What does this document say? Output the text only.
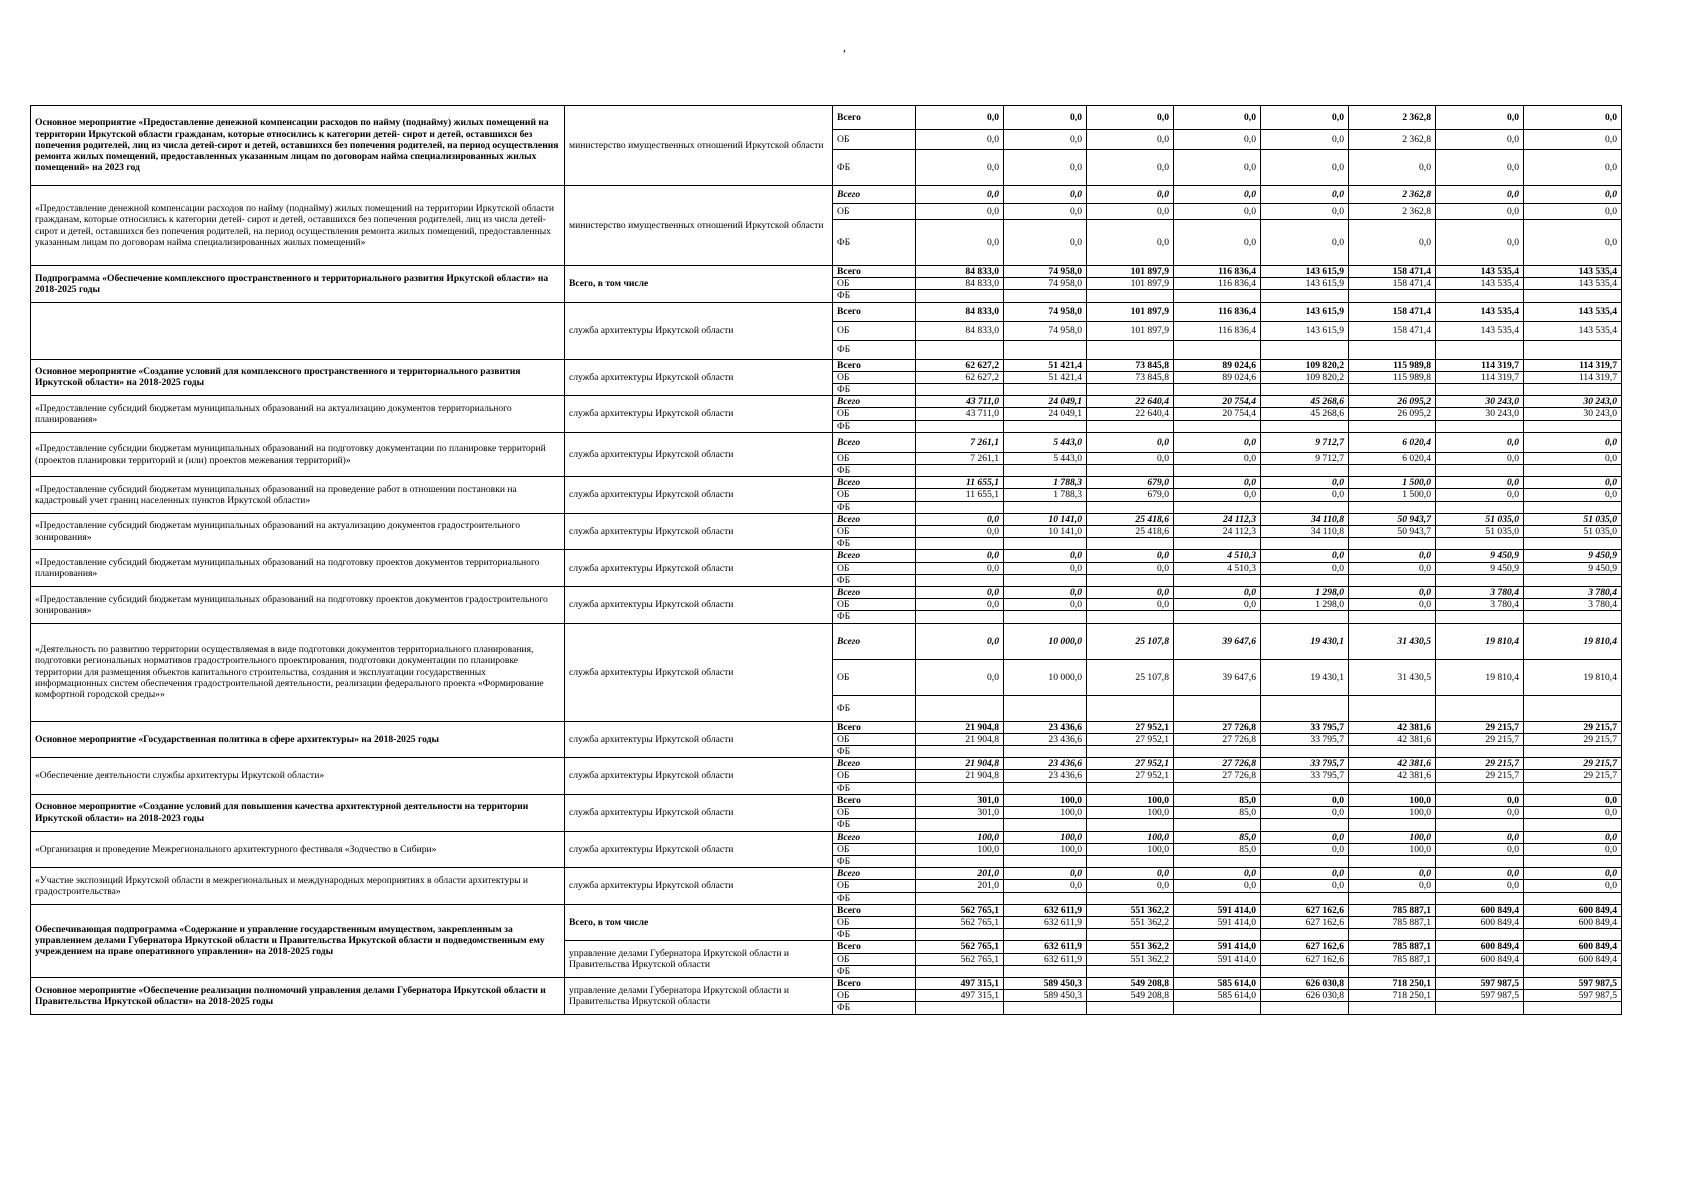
,
Основное мероприятие «Предоставление денежной компенсации расходов по найму (поднайму) жилых помещений на территории Иркутской области гражданам, которые относились к категории детей- сирот и детей, оставшихся без попечения родителей, лиц из числа детей-сирот и детей, оставшихся без попечения родителей, на период осуществления ремонта жилых помещений, предоставленных указанным лицам по договорам найма специализированных жилых помещений» на 2023 год	министерство имущественных отношений Иркутской области	Всего	0,0	0,0	0,0	0,0	0,0	2 362,8	0,0	0,0
		ОБ	0,0	0,0	0,0	0,0	0,0	2 362,8	0,0	0,0
		ФБ	0,0	0,0	0,0	0,0	0,0	0,0	0,0	0,0
«Предоставление денежной компенсации расходов по найму (поднайму) жилых помещений на территории Иркутской области гражданам, которые относились к категории детей- сирот и детей, оставшихся без попечения родителей, лиц из числа детей-сирот и детей, оставшихся без попечения родителей, на период осуществления ремонта жилых помещений, предоставленных указанным лицам по договорам найма специализированных жилых помещений»	министерство имущественных отношений Иркутской области	Всего	0,0	0,0	0,0	0,0	0,0	2 362,8	0,0	0,0
		ОБ	0,0	0,0	0,0	0,0	0,0	2 362,8	0,0	0,0
		ФБ	0,0	0,0	0,0	0,0	0,0	0,0	0,0	0,0
Подпрограмма «Обеспечение комплексного пространственного и территориального развития Иркутской области» на 2018-2025 годы	Всего, в том числе	Всего	84 833,0	74 958,0	101 897,9	116 836,4	143 615,9	158 471,4	143 535,4	143 535,4
		ОБ	84 833,0	74 958,0	101 897,9	116 836,4	143 615,9	158 471,4	143 535,4	143 535,4
		ФБ								
	служба архитектуры Иркутской области	Всего	84 833,0	74 958,0	101 897,9	116 836,4	143 615,9	158 471,4	143 535,4	143 535,4
		ОБ	84 833,0	74 958,0	101 897,9	116 836,4	143 615,9	158 471,4	143 535,4	143 535,4
		ФБ								
Основное мероприятие «Создание условий для комплексного пространственного и территориального развития Иркутской области» на 2018-2025 годы	служба архитектуры Иркутской области	Всего	62 627,2	51 421,4	73 845,8	89 024,6	109 820,2	115 989,8	114 319,7	114 319,7
		ОБ	62 627,2	51 421,4	73 845,8	89 024,6	109 820,2	115 989,8	114 319,7	114 319,7
		ФБ								
«Предоставление субсидий бюджетам муниципальных образований на актуализацию документов территориального планирования»	служба архитектуры Иркутской области	Всего	43 711,0	24 049,1	22 640,4	20 754,4	45 268,6	26 095,2	30 243,0	30 243,0
		ОБ	43 711,0	24 049,1	22 640,4	20 754,4	45 268,6	26 095,2	30 243,0	30 243,0
		ФБ								
«Предоставление субсидии бюджетам муниципальных образований на подготовку документации по планировке территорий (проектов планировки территорий и (или) проектов межевания территорий)»	служба архитектуры Иркутской области	Всего	7 261,1	5 443,0	0,0	0,0	9 712,7	6 020,4	0,0	0,0
		ОБ	7 261,1	5 443,0	0,0	0,0	9 712,7	6 020,4	0,0	0,0
		ФБ								
«Предоставление субсидий бюджетам муниципальных образований на проведение работ в отношении постановки на кадастровый учет границ населенных пунктов Иркутской области»	служба архитектуры Иркутской области	Всего	11 655,1	1 788,3	679,0	0,0	0,0	1 500,0	0,0	0,0
		ОБ	11 655,1	1 788,3	679,0	0,0	0,0	1 500,0	0,0	0,0
		ФБ								
«Предоставление субсидий бюджетам муниципальных образований на актуализацию документов градостроительного зонирования»	служба архитектуры Иркутской области	Всего	0,0	10 141,0	25 418,6	24 112,3	34 110,8	50 943,7	51 035,0	51 035,0
		ОБ	0,0	10 141,0	25 418,6	24 112,3	34 110,8	50 943,7	51 035,0	51 035,0
		ФБ								
«Предоставление субсидий бюджетам муниципальных образований на подготовку проектов документов территориального планирования»	служба архитектуры Иркутской области	Всего	0,0	0,0	0,0	4 510,3	0,0	0,0	9 450,9	9 450,9
		ОБ	0,0	0,0	0,0	4 510,3	0,0	0,0	9 450,9	9 450,9
		ФБ								
«Предоставление субсидий бюджетам муниципальных образований на подготовку проектов документов градостроительного зонирования»	служба архитектуры Иркутской области	Всего	0,0	0,0	0,0	0,0	1 298,0	0,0	3 780,4	3 780,4
		ОБ	0,0	0,0	0,0	0,0	1 298,0	0,0	3 780,4	3 780,4
		ФБ								
«Деятельность по развитию территории осуществляемая в виде подготовки документов территориального планирования, подготовки региональных нормативов градостроительного проектирования, подготовки документации по планировке территории для размещения объектов капитального строительства, создания и эксплуатации государственных информационных систем обеспечения градостроительной деятельности, реализации федерального проекта «Формирование комфортной городской среды»»	служба архитектуры Иркутской области	Всего	0,0	10 000,0	25 107,8	39 647,6	19 430,1	31 430,5	19 810,4	19 810,4
		ОБ	0,0	10 000,0	25 107,8	39 647,6	19 430,1	31 430,5	19 810,4	19 810,4
		ФБ								
Основное мероприятие «Государственная политика в сфере архитектуры» на 2018-2025 годы	служба архитектуры Иркутской области	Всего	21 904,8	23 436,6	27 952,1	27 726,8	33 795,7	42 381,6	29 215,7	29 215,7
		ОБ	21 904,8	23 436,6	27 952,1	27 726,8	33 795,7	42 381,6	29 215,7	29 215,7
		ФБ								
«Обеспечение деятельности службы архитектуры Иркутской области»	служба архитектуры Иркутской области	Всего	21 904,8	23 436,6	27 952,1	27 726,8	33 795,7	42 381,6	29 215,7	29 215,7
		ОБ	21 904,8	23 436,6	27 952,1	27 726,8	33 795,7	42 381,6	29 215,7	29 215,7
		ФБ								
Основное мероприятие «Создание условий для повышения качества архитектурной деятельности на территории Иркутской области» на 2018-2023 годы	служба архитектуры Иркутской области	Всего	301,0	100,0	100,0	85,0	0,0	100,0	0,0	0,0
		ОБ	301,0	100,0	100,0	85,0	0,0	100,0	0,0	0,0
		ФБ								
«Организация и проведение Межрегионального архитектурного фестиваля «Зодчество в Сибири»	служба архитектуры Иркутской области	Всего	100,0	100,0	100,0	85,0	0,0	100,0	0,0	0,0
		ОБ	100,0	100,0	100,0	85,0	0,0	100,0	0,0	0,0
		ФБ								
«Участие экспозиций Иркутской области в межрегиональных и международных мероприятиях в области архитектуры и градостроительства»	служба архитектуры Иркутской области	Всего	201,0	0,0	0,0	0,0	0,0	0,0	0,0	0,0
		ОБ	201,0	0,0	0,0	0,0	0,0	0,0	0,0	0,0
		ФБ								
Обеспечивающая подпрограмма «Содержание и управление государственным имуществом, закрепленным за управлением делами Губернатора Иркутской области и Правительства Иркутской области и подведомственным ему учреждением на праве оперативного управления» на 2018-2025 годы	Всего, в том числе	Всего	562 765,1	632 611,9	551 362,2	591 414,0	627 162,6	785 887,1	600 849,4	600 849,4
		ОБ	562 765,1	632 611,9	551 362,2	591 414,0	627 162,6	785 887,1	600 849,4	600 849,4
		ФБ								
	управление делами Губернатора Иркутской области и Правительства Иркутской области	Всего	562 765,1	632 611,9	551 362,2	591 414,0	627 162,6	785 887,1	600 849,4	600 849,4
		ОБ	562 765,1	632 611,9	551 362,2	591 414,0	627 162,6	785 887,1	600 849,4	600 849,4
		ФБ								
Основное мероприятие «Обеспечение реализации полномочий управления делами Губернатора Иркутской области и Правительства Иркутской области» на 2018-2025 годы	управление делами Губернатора Иркутской области и Правительства Иркутской области	Всего	497 315,1	589 450,3	549 208,8	585 614,0	626 030,8	718 250,1	597 987,5	597 987,5
		ОБ	497 315,1	589 450,3	549 208,8	585 614,0	626 030,8	718 250,1	597 987,5	597 987,5
		ФБ								
